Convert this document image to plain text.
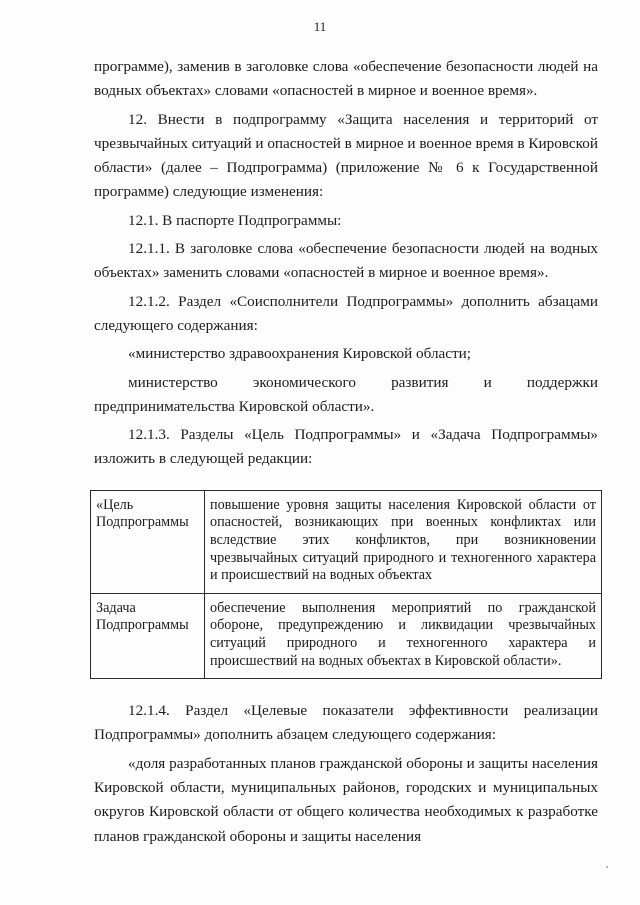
11

программе), заменив в заголовке слова «обеспечение безопасности людей на водных объектах» словами «опасностей в мирное и военное время».

12. Внести в подпрограмму «Защита населения и территорий от чрезвычайных ситуаций и опасностей в мирное и военное время в Кировской области» (далее – Подпрограмма) (приложение № 6 к Государственной программе) следующие изменения:

12.1. В паспорте Подпрограммы:

12.1.1. В заголовке слова «обеспечение безопасности людей на водных объектах» заменить словами «опасностей в мирное и военное время».

12.1.2. Раздел «Соисполнители Подпрограммы» дополнить абзацами следующего содержания:

«министерство здравоохранения Кировской области;

министерство экономического развития и поддержки

предпринимательства Кировской области».

12.1.3. Разделы «Цель Подпрограммы» и «Задача Подпрограммы» изложить в следующей редакции:

«Цель Подпрограммы	повышение уровня защиты населения Кировской области от опасностей, возникающих при военных конфликтах или вследствие этих конфликтов, при возникновении чрезвычайных ситуаций природного и техногенного характера и происшествий на водных объектах
Задача Подпрограммы	обеспечение выполнения мероприятий по гражданской обороне, предупреждению и ликвидации чрезвычайных ситуаций природного и техногенного характера и происшествий на водных объектах в Кировской области».

12.1.4. Раздел «Целевые показатели эффективности реализации Подпрограммы» дополнить абзацем следующего содержания:

«доля разработанных планов гражданской обороны и защиты населения Кировской области, муниципальных районов, городских и муниципальных округов Кировской области от общего количества необходимых к разработке планов гражданской обороны и защиты населения
